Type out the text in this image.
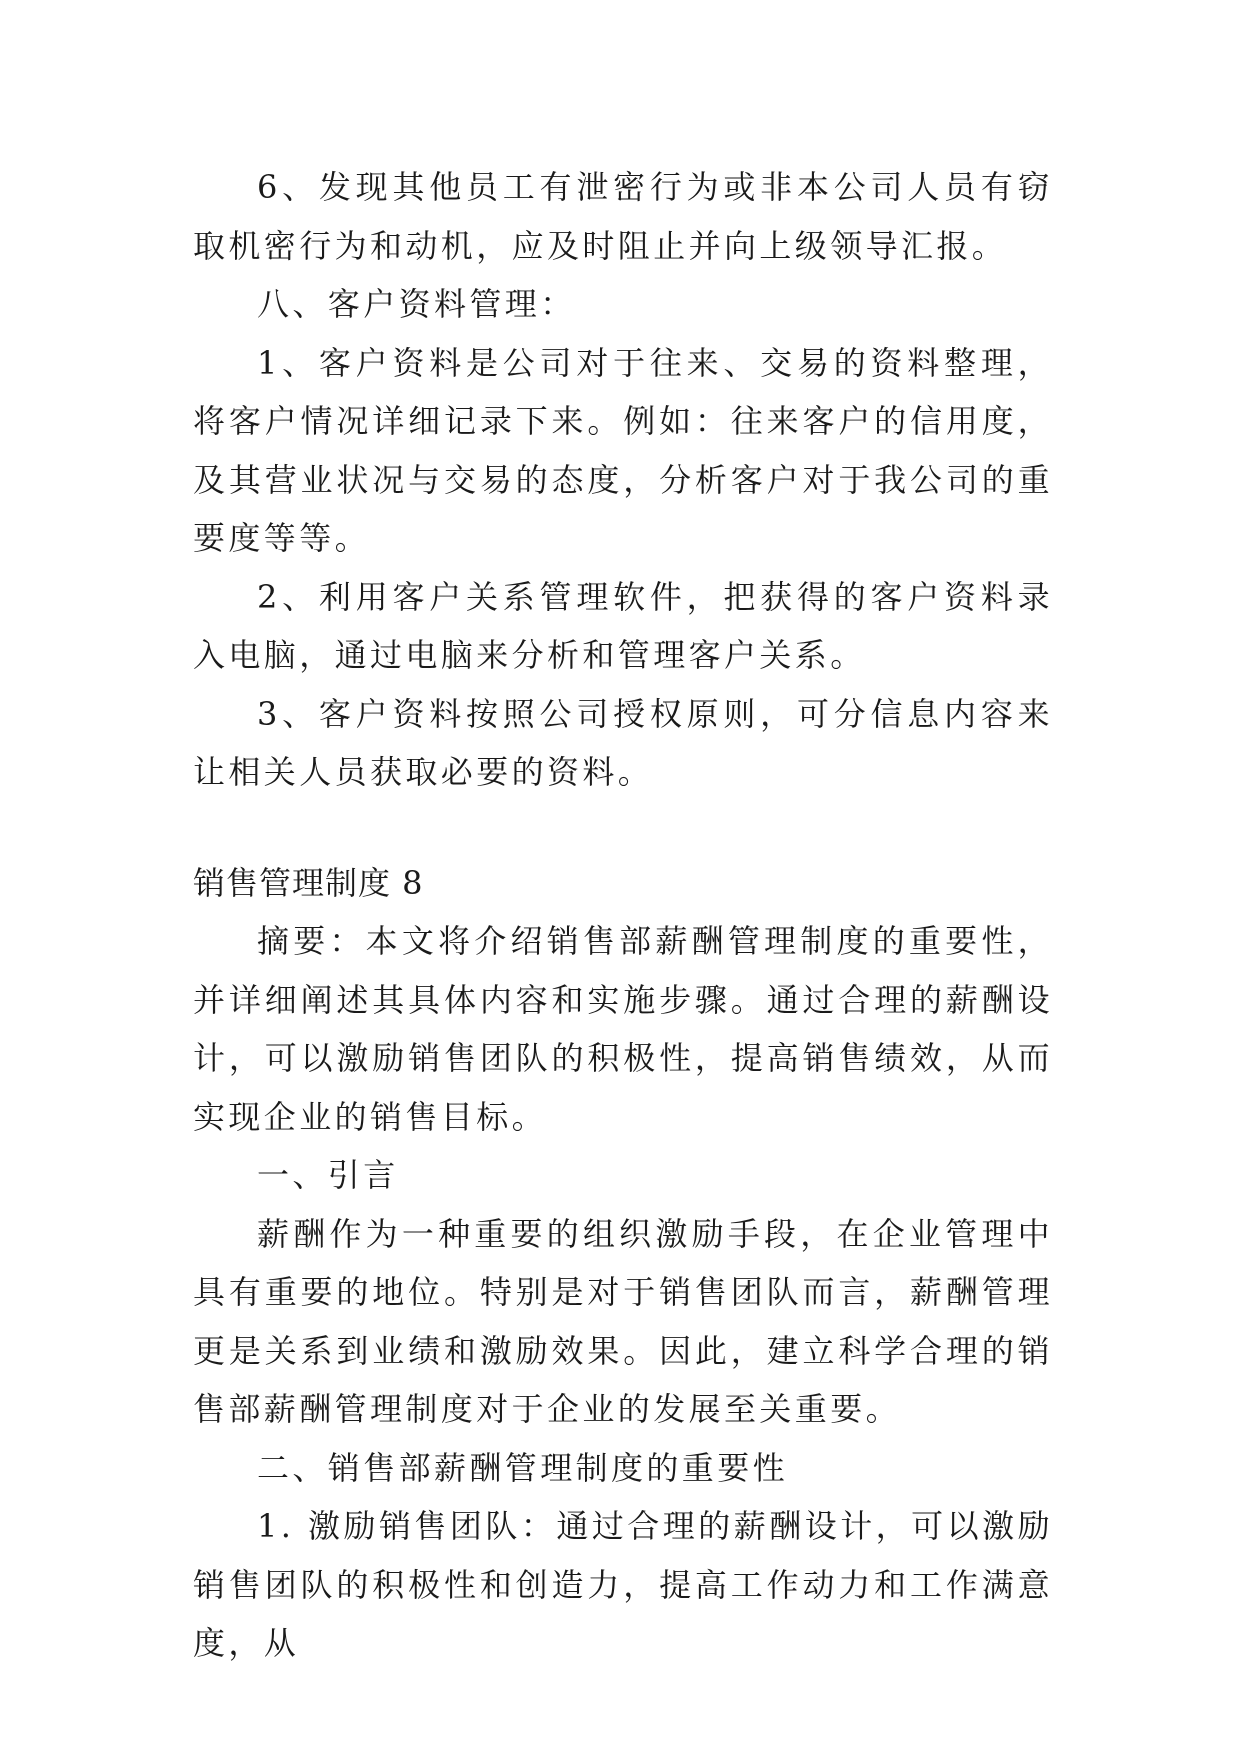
6、发现其他员工有泄密行为或非本公司人员有窃取机密行为和动机，应及时阻止并向上级领导汇报。

八、客户资料管理：

1、客户资料是公司对于往来、交易的资料整理，将客户情况详细记录下来。例如：往来客户的信用度，及其营业状况与交易的态度，分析客户对于我公司的重要度等等。

2、利用客户关系管理软件，把获得的客户资料录入电脑，通过电脑来分析和管理客户关系。

3、客户资料按照公司授权原则，可分信息内容来让相关人员获取必要的资料。

销售管理制度 8

摘要：本文将介绍销售部薪酬管理制度的重要性，并详细阐述其具体内容和实施步骤。通过合理的薪酬设计，可以激励销售团队的积极性，提高销售绩效，从而实现企业的销售目标。

一、引言

薪酬作为一种重要的组织激励手段，在企业管理中具有重要的地位。特别是对于销售团队而言，薪酬管理更是关系到业绩和激励效果。因此，建立科学合理的销售部薪酬管理制度对于企业的发展至关重要。

二、销售部薪酬管理制度的重要性

1. 激励销售团队：通过合理的薪酬设计，可以激励销售团队的积极性和创造力，提高工作动力和工作满意度，从
